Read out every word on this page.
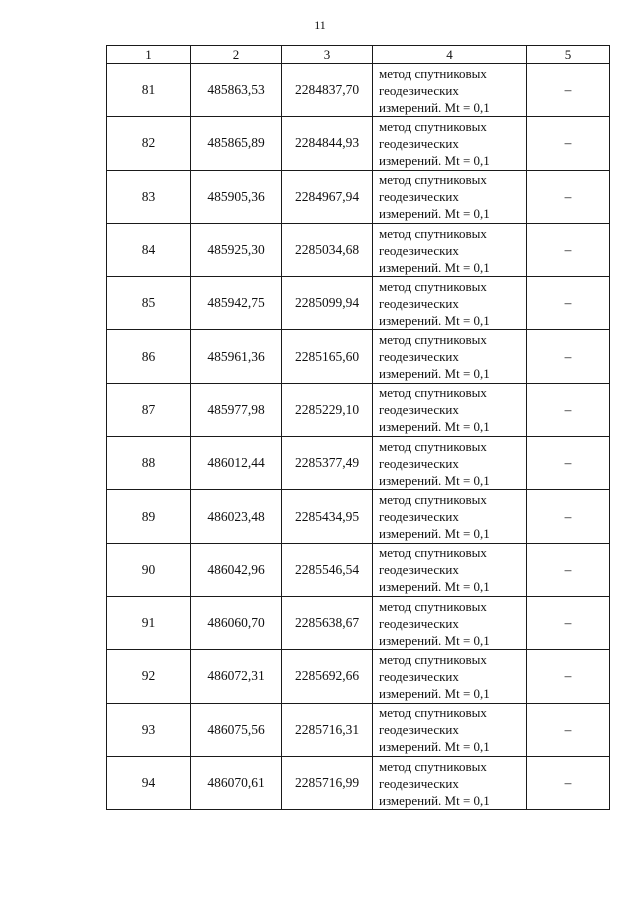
11
1	2	3	4	5
81	485863,53	2284837,70	метод спутниковых
геодезических
измерений. Mt = 0,1	–
82	485865,89	2284844,93	метод спутниковых
геодезических
измерений. Mt = 0,1	–
83	485905,36	2284967,94	метод спутниковых
геодезических
измерений. Mt = 0,1	–
84	485925,30	2285034,68	метод спутниковых
геодезических
измерений. Mt = 0,1	–
85	485942,75	2285099,94	метод спутниковых
геодезических
измерений. Mt = 0,1	–
86	485961,36	2285165,60	метод спутниковых
геодезических
измерений. Mt = 0,1	–
87	485977,98	2285229,10	метод спутниковых
геодезических
измерений. Mt = 0,1	–
88	486012,44	2285377,49	метод спутниковых
геодезических
измерений. Mt = 0,1	–
89	486023,48	2285434,95	метод спутниковых
геодезических
измерений. Mt = 0,1	–
90	486042,96	2285546,54	метод спутниковых
геодезических
измерений. Mt = 0,1	–
91	486060,70	2285638,67	метод спутниковых
геодезических
измерений. Mt = 0,1	–
92	486072,31	2285692,66	метод спутниковых
геодезических
измерений. Mt = 0,1	–
93	486075,56	2285716,31	метод спутниковых
геодезических
измерений. Mt = 0,1	–
94	486070,61	2285716,99	метод спутниковых
геодезических
измерений. Mt = 0,1	–
